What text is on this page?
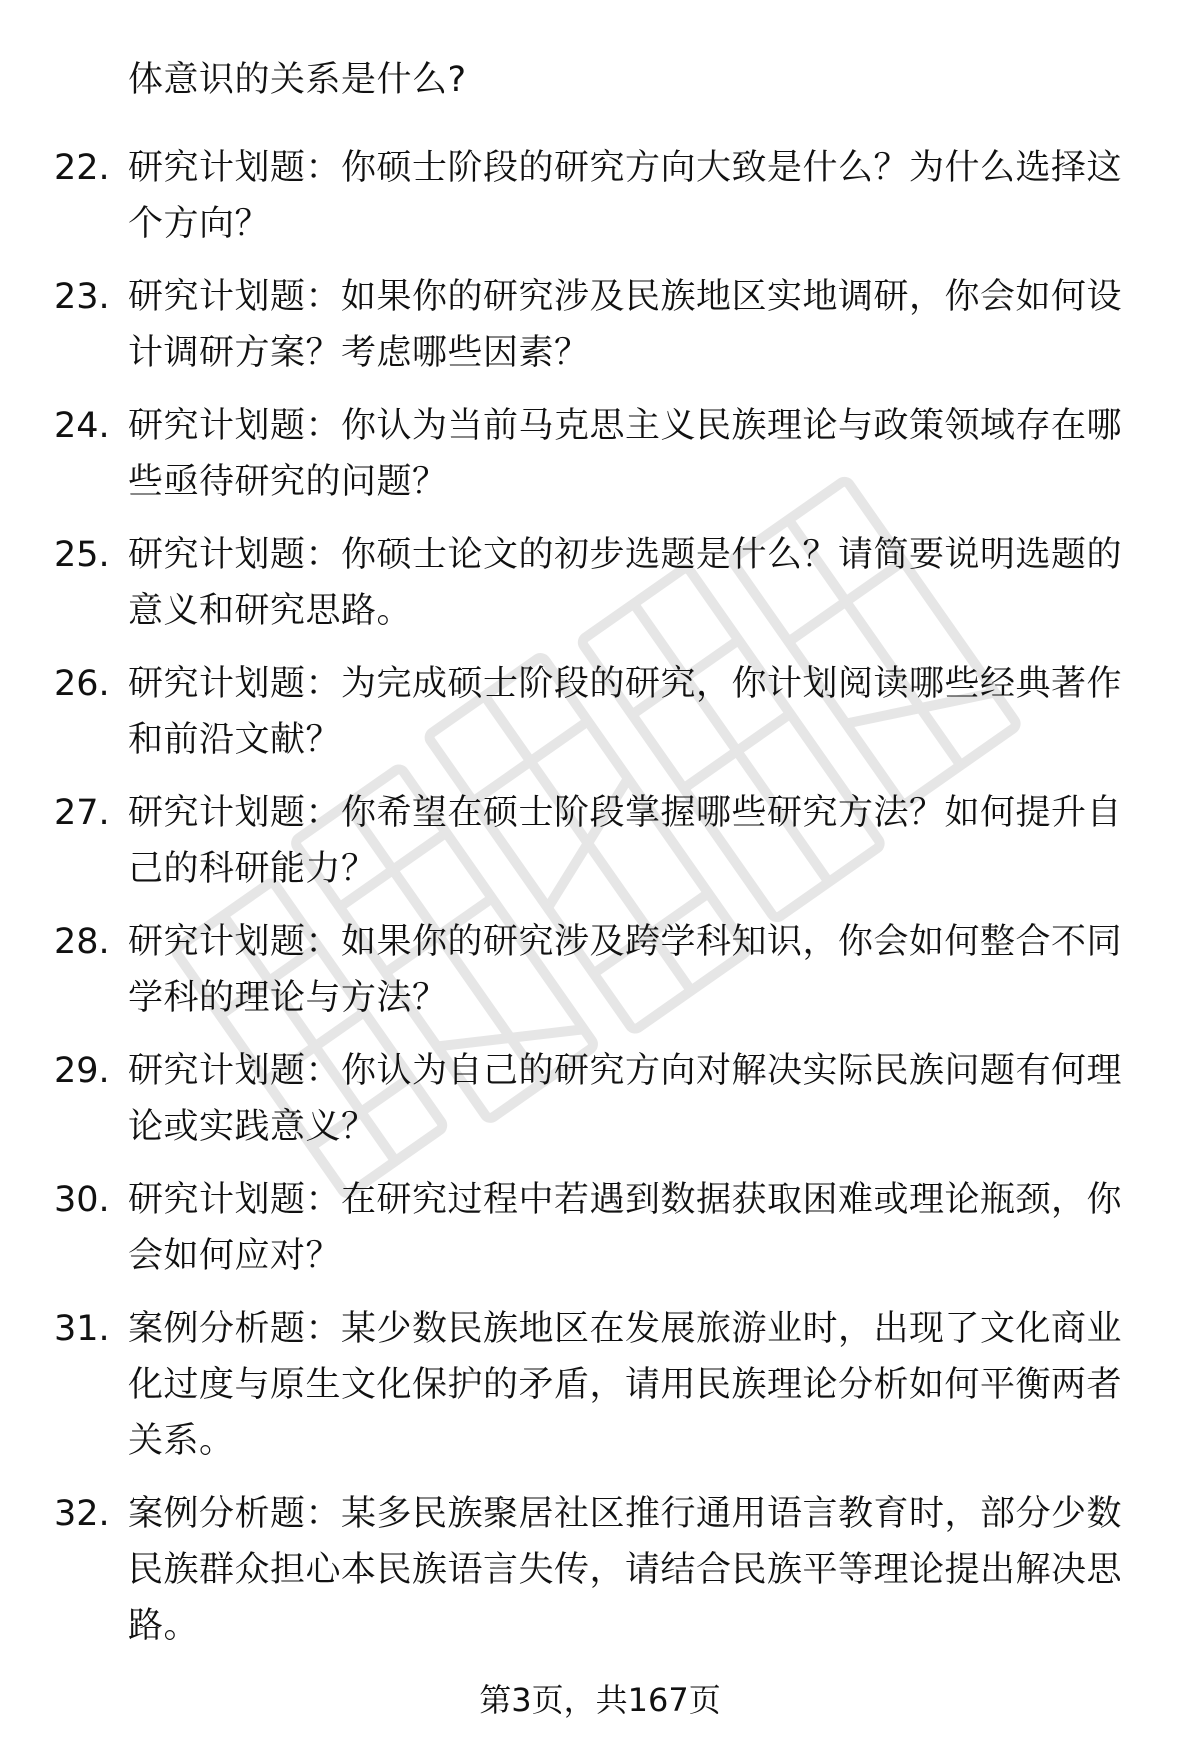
体意识的关系是什么?
22. 研究计划题：你硕士阶段的研究方向大致是什么？为什么选择这个方向？
23. 研究计划题：如果你的研究涉及民族地区实地调研，你会如何设计调研方案？考虑哪些因素？
24. 研究计划题：你认为当前马克思主义民族理论与政策领域存在哪些亟待研究的问题？
25. 研究计划题：你硕士论文的初步选题是什么？请简要说明选题的意义和研究思路。
26. 研究计划题：为完成硕士阶段的研究，你计划阅读哪些经典著作和前沿文献？
27. 研究计划题：你希望在硕士阶段掌握哪些研究方法？如何提升自己的科研能力？
28. 研究计划题：如果你的研究涉及跨学科知识，你会如何整合不同学科的理论与方法？
29. 研究计划题：你认为自己的研究方向对解决实际民族问题有何理论或实践意义？
30. 研究计划题：在研究过程中若遇到数据获取困难或理论瓶颈，你会如何应对？
31. 案例分析题：某少数民族地区在发展旅游业时，出现了文化商业化过度与原生文化保护的矛盾，请用民族理论分析如何平衡两者关系。
32. 案例分析题：某多民族聚居社区推行通用语言教育时，部分少数民族群众担心本民族语言失传，请结合民族平等理论提出解决思路。
第3页，共167页
